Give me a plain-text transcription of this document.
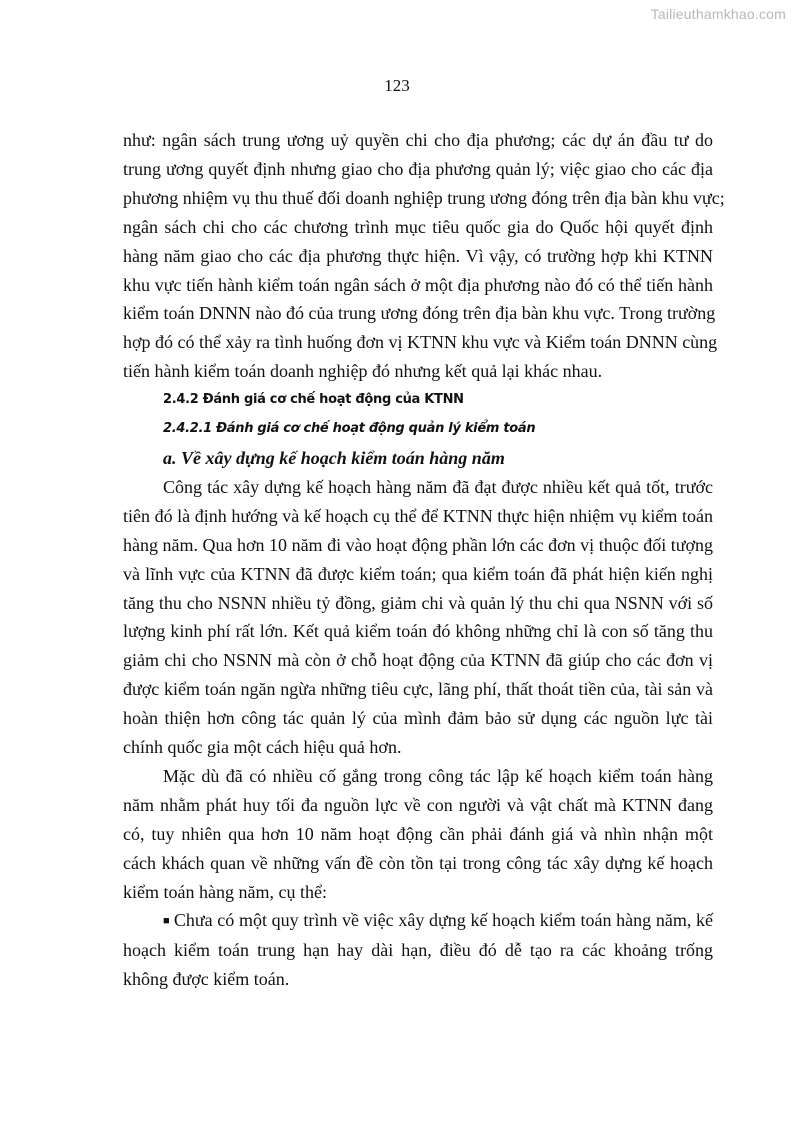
Tailieuthamkhao.com
123
như: ngân sách trung ương uỷ quyền chi cho địa phương; các dự án đầu tư do
trung ương quyết định nhưng giao cho địa phương quản lý; việc giao cho các địa
phương nhiệm vụ thu thuế đối doanh nghiệp trung ương đóng trên địa bàn khu vực;
ngân sách chi cho các chương trình mục tiêu quốc gia do Quốc hội quyết định
hàng năm giao cho các địa phương thực hiện. Vì vậy, có trường hợp khi KTNN
khu vực tiến hành kiểm toán ngân sách ở một địa phương nào đó có thể tiến hành
kiểm toán DNNN nào đó của trung ương đóng trên địa bàn khu vực. Trong trường
hợp đó có thể xảy ra tình huống đơn vị KTNN khu vực và Kiểm toán DNNN cùng
tiến hành kiểm toán doanh nghiệp đó nhưng kết quả lại khác nhau.
2.4.2 Đánh giá cơ chế hoạt động của KTNN
2.4.2.1 Đánh giá cơ chế hoạt động quản lý kiểm toán
a. Về xây dựng kế hoạch kiểm toán hàng năm
Công tác xây dựng kế hoạch hàng năm đã đạt được nhiều kết quả tốt, trước
tiên đó là định hướng và kế hoạch cụ thể để KTNN thực hiện nhiệm vụ kiểm toán
hàng năm. Qua hơn 10 năm đi vào hoạt động phần lớn các đơn vị thuộc đối tượng
và lĩnh vực của KTNN đã được kiểm toán; qua kiểm toán đã phát hiện kiến nghị
tăng thu cho NSNN nhiều tỷ đồng, giảm chi và quản lý thu chi qua NSNN với số
lượng kinh phí rất lớn. Kết quả kiểm toán đó không những chỉ là con số tăng thu
giảm chi cho NSNN mà còn ở chỗ hoạt động của KTNN đã giúp cho các đơn vị
được kiểm toán ngăn ngừa những tiêu cực, lãng phí, thất thoát tiền của, tài sản và
hoàn thiện hơn công tác quản lý của mình đảm bảo sử dụng các nguồn lực tài
chính quốc gia một cách hiệu quả hơn.
Mặc dù đã có nhiều cố gắng trong công tác lập kế hoạch kiểm toán hàng
năm nhằm phát huy tối đa nguồn lực về con người và vật chất mà KTNN đang
có, tuy nhiên qua hơn 10 năm hoạt động cần phải đánh giá và nhìn nhận một
cách khách quan về những vấn đề còn tồn tại trong công tác xây dựng kế hoạch
kiểm toán hàng năm, cụ thể:
■ Chưa có một quy trình về việc xây dựng kế hoạch kiểm toán hàng năm, kế
hoạch kiểm toán trung hạn hay dài hạn, điều đó dễ tạo ra các khoảng trống
không được kiểm toán.
